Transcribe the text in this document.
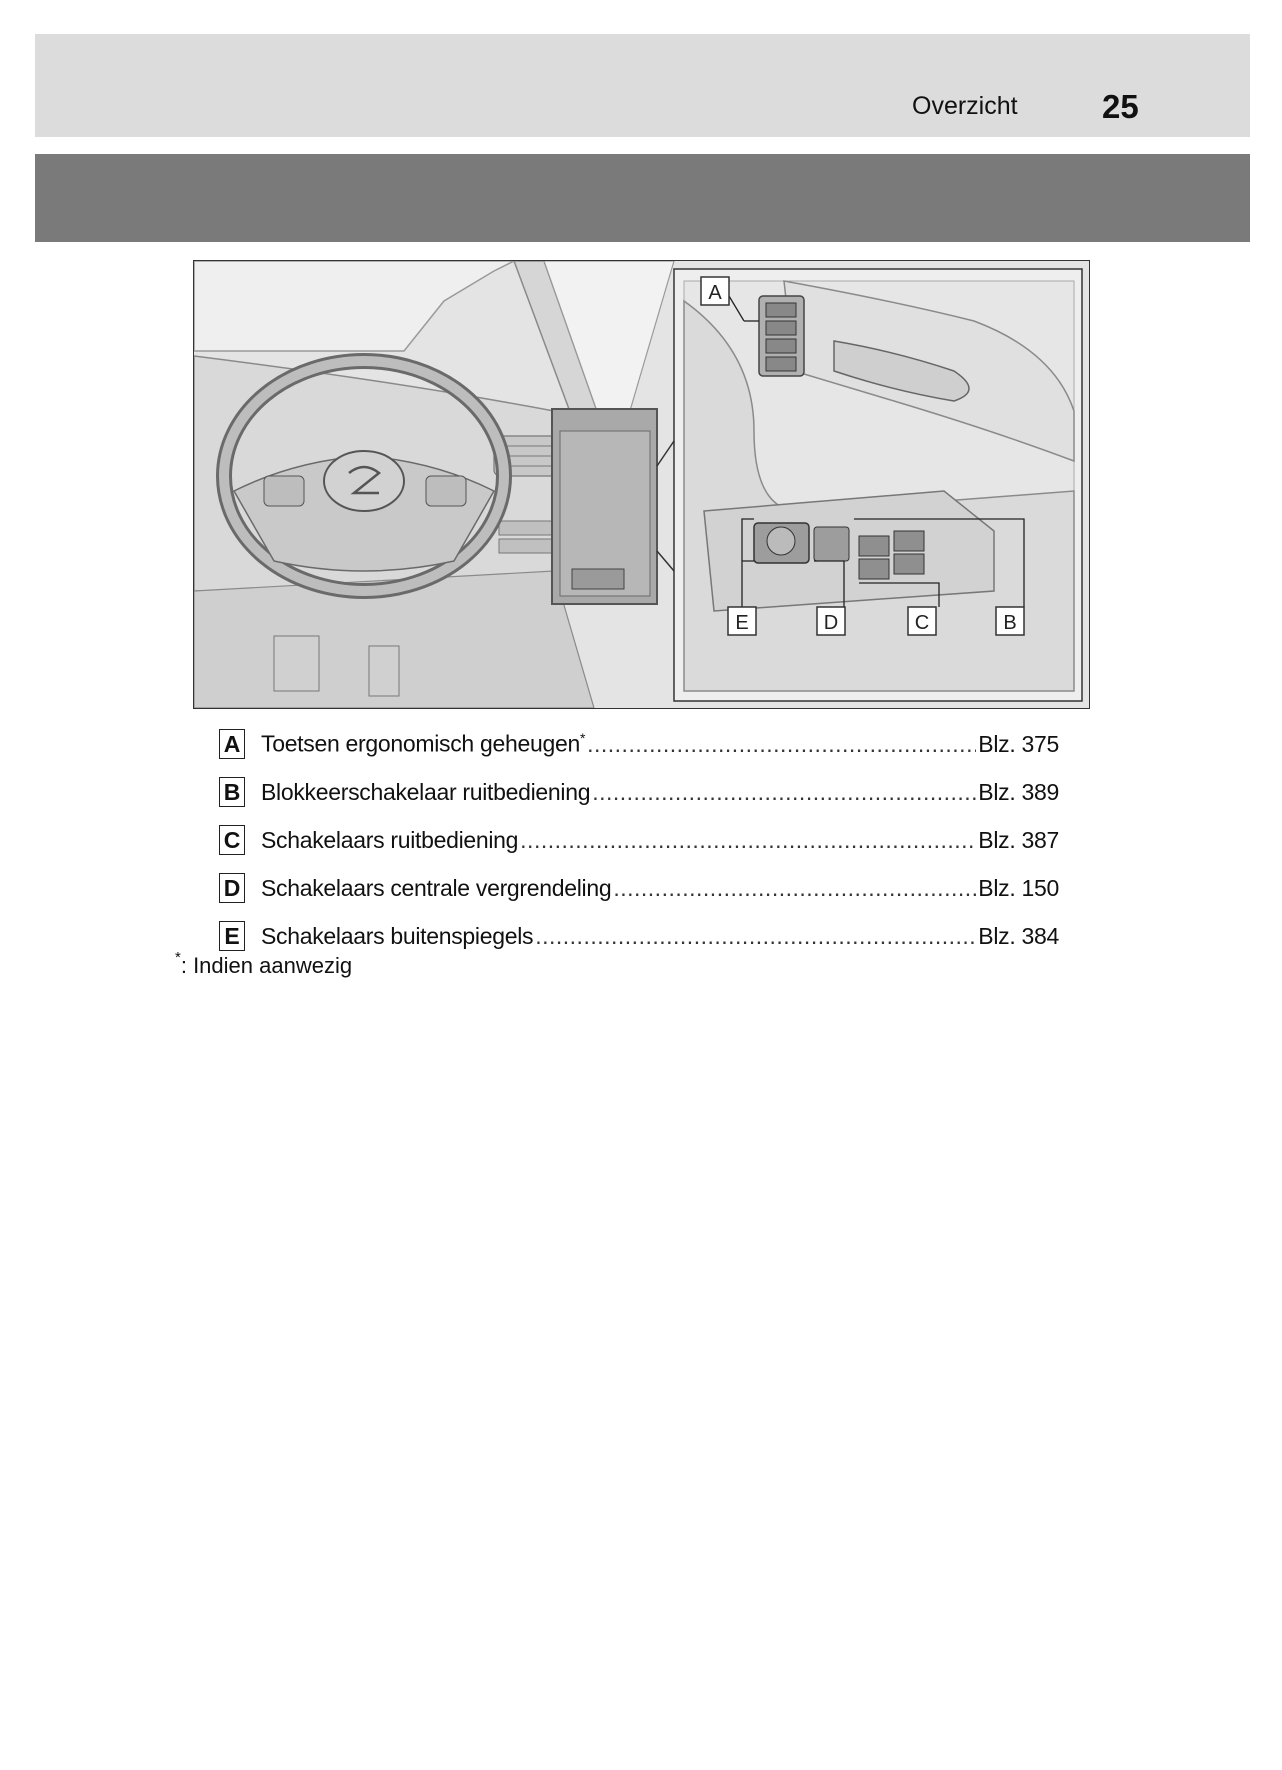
Overzicht	25
A
E	D	C	B
A Toetsen ergonomisch geheugen* .....	Blz. 375
B Blokkeerschakelaar ruitbediening .....	Blz. 389
C Schakelaars ruitbediening .....	Blz. 387
D Schakelaars centrale vergrendeling .....	Blz. 150
E Schakelaars buitenspiegels .....	Blz. 384
*: Indien aanwezig
